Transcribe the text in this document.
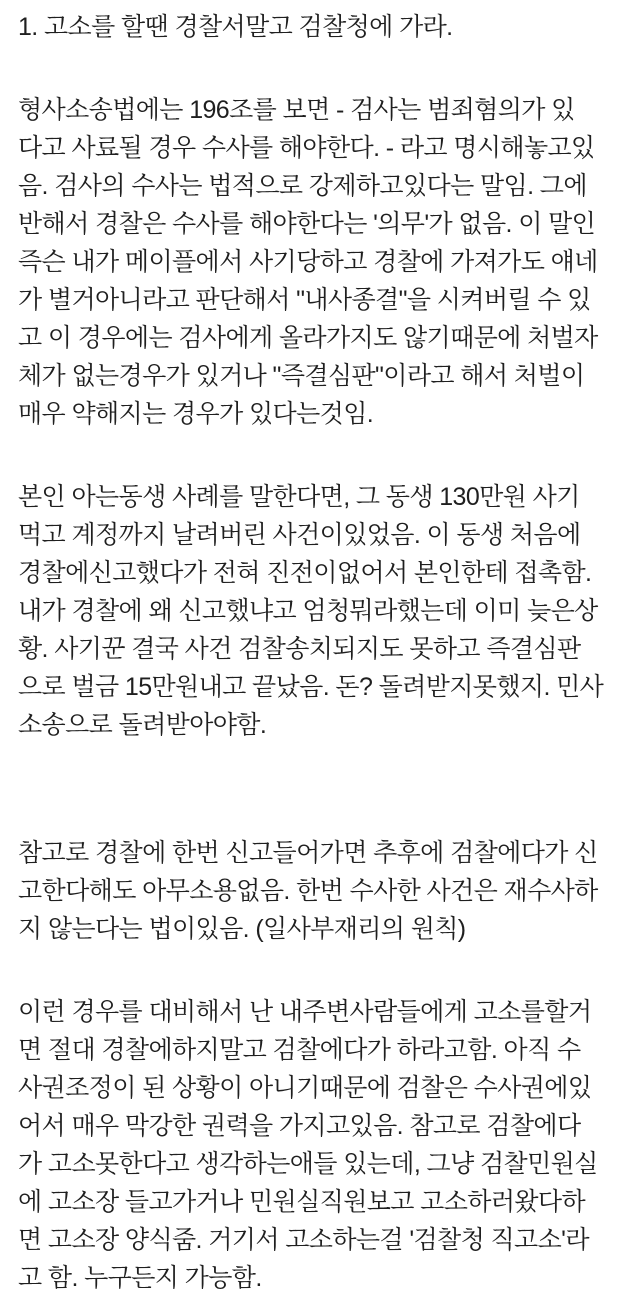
1. 고소를 할땐 경찰서말고 검찰청에 가라.

형사소송법에는 196조를 보면 - 검사는 범죄혐의가 있
다고 사료될 경우 수사를 해야한다. - 라고 명시해놓고있
음. 검사의 수사는 법적으로 강제하고있다는 말임. 그에
반해서 경찰은 수사를 해야한다는 '의무'가 없음. 이 말인
즉슨 내가 메이플에서 사기당하고 경찰에 가져가도 얘네
가 별거아니라고 판단해서 "내사종결"을 시켜버릴 수 있
고 이 경우에는 검사에게 올라가지도 않기때문에 처벌자
체가 없는경우가 있거나 "즉결심판"이라고 해서 처벌이
매우 약해지는 경우가 있다는것임.

본인 아는동생 사례를 말한다면, 그 동생 130만원 사기
먹고 계정까지 날려버린 사건이있었음. 이 동생 처음에
경찰에신고했다가 전혀 진전이없어서 본인한테 접촉함.
내가 경찰에 왜 신고했냐고 엄청뭐라했는데 이미 늦은상
황. 사기꾼 결국 사건 검찰송치되지도 못하고 즉결심판
으로 벌금 15만원내고 끝났음. 돈? 돌려받지못했지. 민사
소송으로 돌려받아야함.

참고로 경찰에 한번 신고들어가면 추후에 검찰에다가 신
고한다해도 아무소용없음. 한번 수사한 사건은 재수사하
지 않는다는 법이있음. (일사부재리의 원칙)

이런 경우를 대비해서 난 내주변사람들에게 고소를할거
면 절대 경찰에하지말고 검찰에다가 하라고함. 아직 수
사권조정이 된 상황이 아니기때문에 검찰은 수사권에있
어서 매우 막강한 권력을 가지고있음. 참고로 검찰에다
가 고소못한다고 생각하는애들 있는데, 그냥 검찰민원실
에 고소장 들고가거나 민원실직원보고 고소하러왔다하
면 고소장 양식줌. 거기서 고소하는걸 '검찰청 직고소'라
고 함. 누구든지 가능함.
